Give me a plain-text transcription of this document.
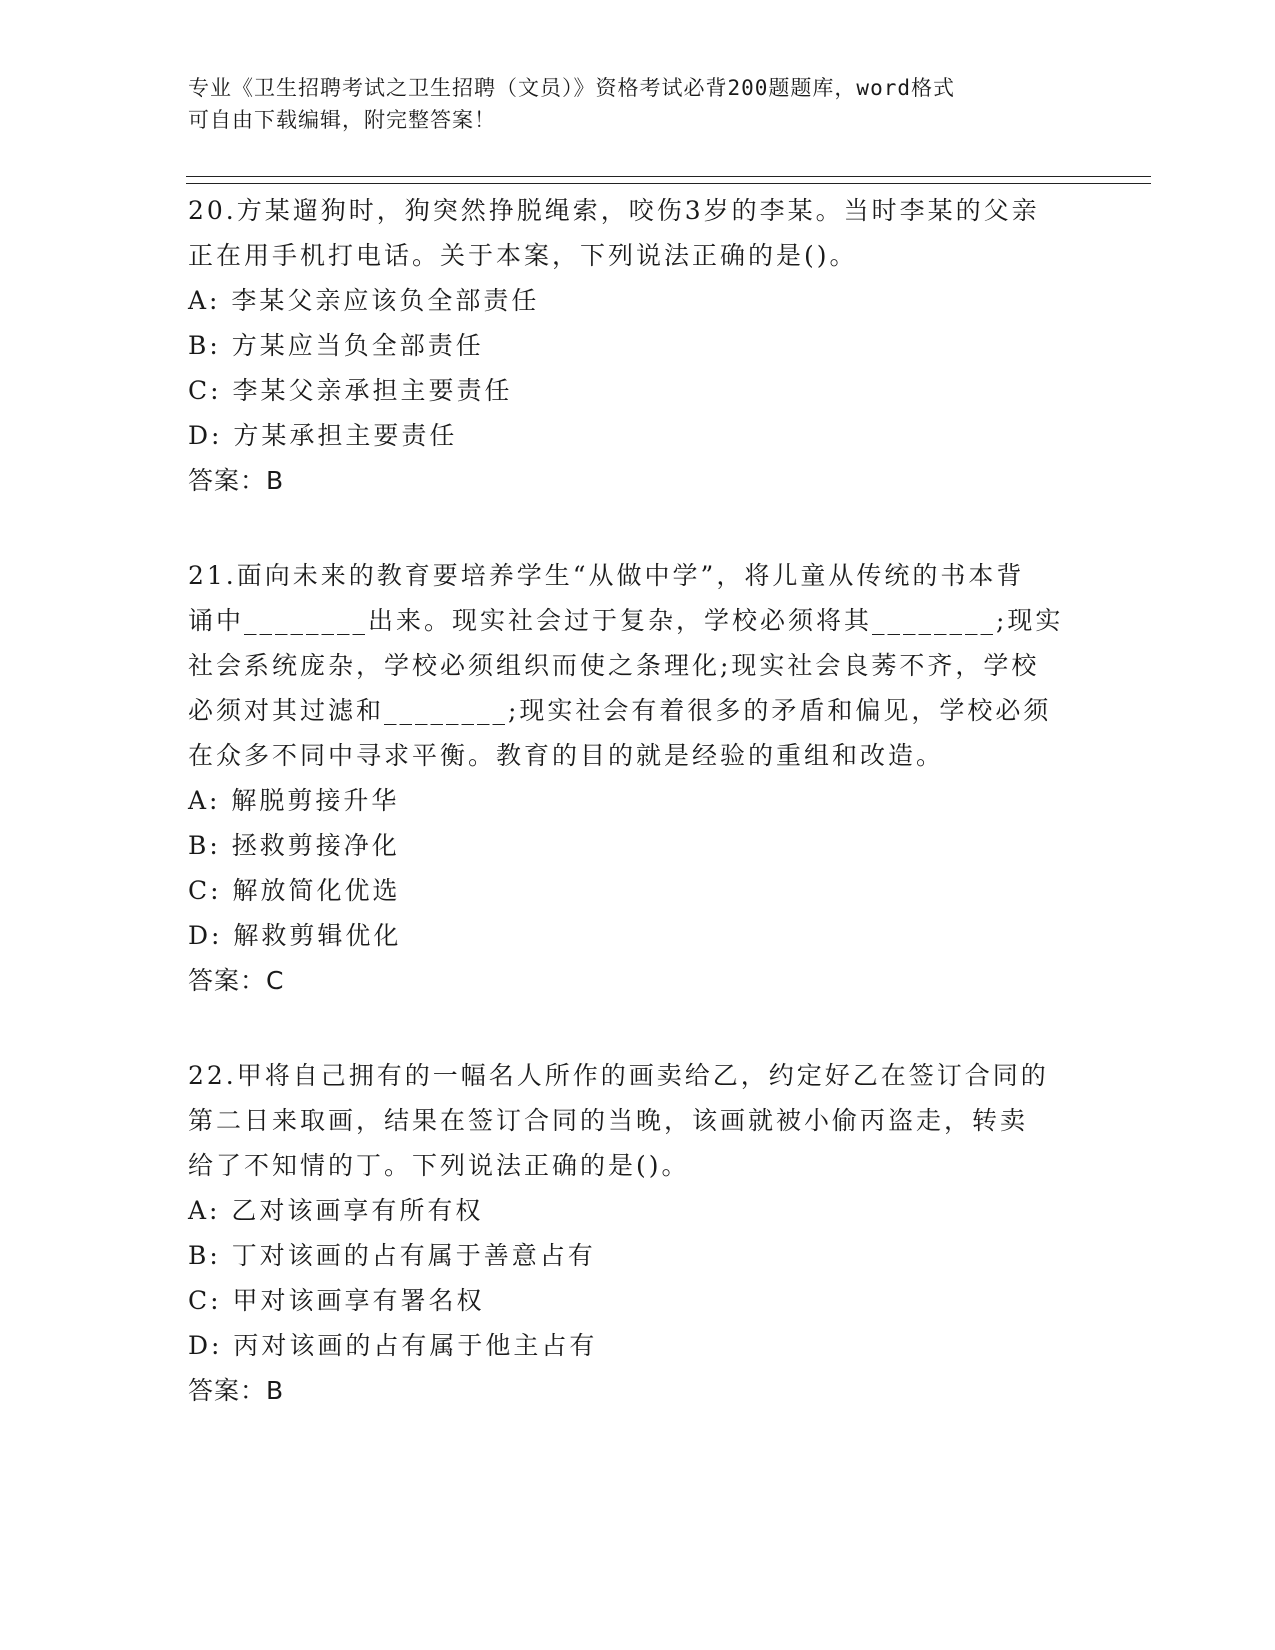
专业《卫生招聘考试之卫生招聘（文员）》资格考试必背200题题库，word格式
可自由下载编辑，附完整答案！

20.方某遛狗时，狗突然挣脱绳索，咬伤3岁的李某。当时李某的父亲

正在用手机打电话。关于本案，下列说法正确的是()。

A: 李某父亲应该负全部责任

B: 方某应当负全部责任

C: 李某父亲承担主要责任

D: 方某承担主要责任

答案：B

21.面向未来的教育要培养学生“从做中学”，将儿童从传统的书本背

诵中________出来。现实社会过于复杂，学校必须将其________;现实

社会系统庞杂，学校必须组织而使之条理化;现实社会良莠不齐，学校

必须对其过滤和________;现实社会有着很多的矛盾和偏见，学校必须

在众多不同中寻求平衡。教育的目的就是经验的重组和改造。

A: 解脱剪接升华

B: 拯救剪接净化

C: 解放简化优选

D: 解救剪辑优化

答案：C

22.甲将自己拥有的一幅名人所作的画卖给乙，约定好乙在签订合同的

第二日来取画，结果在签订合同的当晚，该画就被小偷丙盗走，转卖

给了不知情的丁。下列说法正确的是()。

A: 乙对该画享有所有权

B: 丁对该画的占有属于善意占有

C: 甲对该画享有署名权

D: 丙对该画的占有属于他主占有

答案：B
